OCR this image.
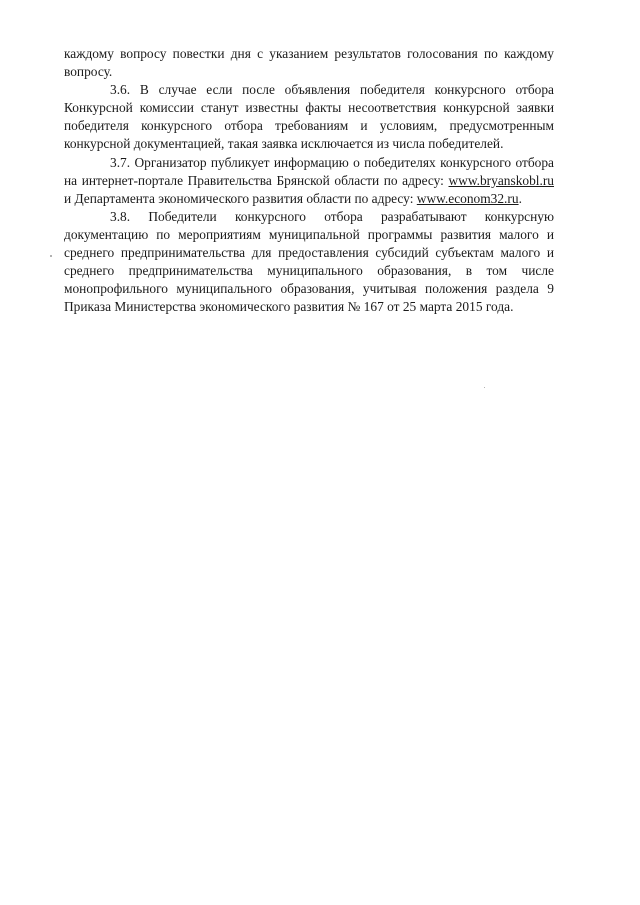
каждому вопросу повестки дня с указанием результатов голосования по каждому вопросу.

3.6. В случае если после объявления победителя конкурсного отбора Конкурсной комиссии станут известны факты несоответствия конкурсной заявки победителя конкурсного отбора требованиям и условиям, предусмотренным конкурсной документацией, такая заявка исключается из числа победителей.

3.7. Организатор публикует информацию о победителях конкурсного отбора на интернет-портале Правительства Брянской области по адресу: www.bryanskobl.ru и Департамента экономического развития области по адресу: www.econom32.ru.

3.8. Победители конкурсного отбора разрабатывают конкурсную документацию по мероприятиям муниципальной программы развития малого и среднего предпринимательства для предоставления субсидий субъектам малого и среднего предпринимательства муниципального образования, в том числе монопрофильного муниципального образования, учитывая положения раздела 9 Приказа Министерства экономического развития № 167 от 25 марта 2015 года.
